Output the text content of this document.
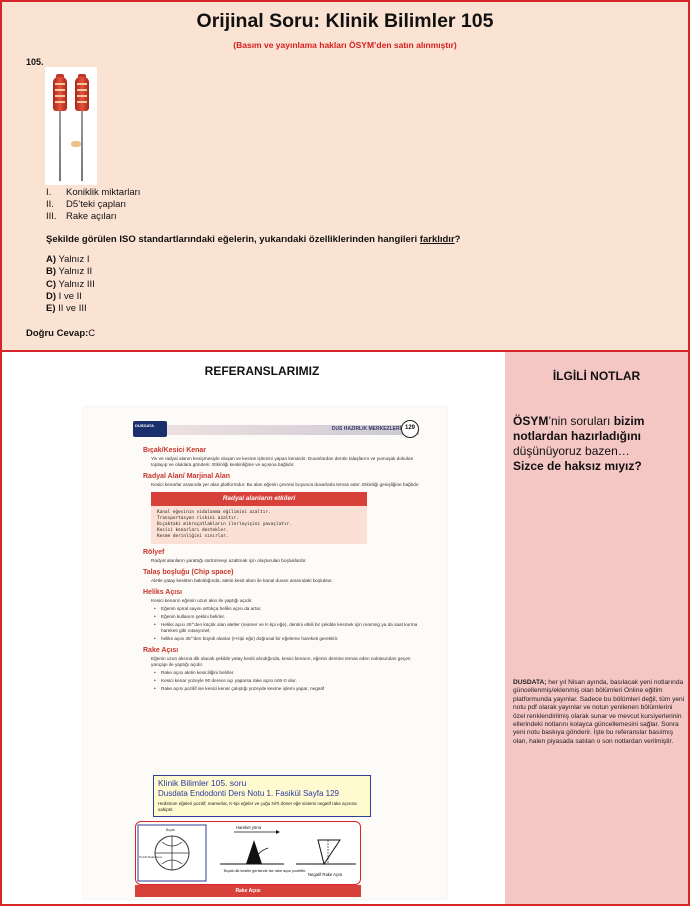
Orijinal Soru: Klinik Bilimler 105
(Basım ve yayınlama hakları ÖSYM’den satın alınmıştır)
105.
I.	Koniklik miktarları
II.	D5’teki çapları
III. Rake açıları
Şekilde görülen ISO standartlarındaki eğelerin, yukarıdaki özelliklerinden hangileri farklıdır?
A) Yalnız I
B) Yalnız II
C) Yalnız III
D) I ve II
E) II ve III
Doğru Cevap:C
REFERANSLARIMIZ
DUS HAZIRLIK MERKEZLERİ
DUSDATA	129
Bıçak/Kesici Kenar
Yiv ve radyal alanın kesişmesiyle oluşan ve kesme işlemini yapan kenardır. Duvarlardan dentin talaşlarını ve yumuşak dokuları toplayıp ve oluklara gönderir. Etkinliği keskinliğine ve açısına bağlıdır.
Radyal Alan/ Marjinal Alan
Kesici kenarlar arasında yer alan platformdur. Bu alan eğenin çevresi boyunca duvarlarla temas eder. Etkinliği genişliğine bağlıdır.
Radyal alanların etkileri
Kanal eğesinin vidalanma eğilimini azaltır.
Transportasyon riskini azaltır.
Bıçaktaki mikroçatlakların ilerleyişini yavaşlatır.
Kesici kenarları destekler.
Kesme derinliğini sınırlar.
Rölyef
Radyal alanların yarattığı sürtünmeyi azaltmak için oluşturulan boşluklardır.
Talaş boşluğu (Chip space)
Aletle yatay kesitten bakıldığında, aletin kesit alanı ile kanal duvarı arasındaki boşluktur.
Heliks Açısı
Kesici kenarın eğenin uzun aksı ile yaptığı açıdır.
• Eğenin spiral sayısı arttıkça heliks açısı da artar.
• Eğenin kullanım şeklini belirler.
• Heliks açısı 45°'den küçük olan aletler (reamer ve K-tipi eğe), dentini etkili bir şekilde kesmek için reaming ya da saat kurma hareketi gibi rotasyonel;
• heliks açısı 45°'den büyük olanlar (H-tipi eğe) doğrusal bir eğeleme hareketi gerektirir.
Rake Açısı
Eğenin uzun aksına dik olacak şekilde yatay kesiti alındığında, kesici kenarın, eğenin dentine temas eden noktasından geçen yarıçapı ile yaptığı açıdır.
• Rake açısı aletin kesiciliğini belirler.
• Kesici kenar yüzeyle 90 derece açı yaparsa rake açısı nötr-0 olur.
• Rake açısı pozitif ise kesici kenar çalıştığı yüzeyde kesme işlemi yapar, negatif
Klinik Bilimler 105. soru
Dusdata Endodonti Ders Notu 1. Fasikül Sayfa 129
Hedstrom eğeleri pozitif; reamerlar, K-tipi eğeler ve çoğu NiTi döner eğe sistemi negatif rake açısına sahiptir.
Bıçak
Pozitif Rake Açısı
Hareket yönü
Bıçak dik kesitin gerisinde ise rake açısı pozitiftir.
Negatif Rake Açısı
Rake Açısı
İLGİLİ NOTLAR
ÖSYM’nin soruları bizim notlardan hazırladığını düşünüyoruz bazen…
Sizce de haksız mıyız?
DUSDATA; her yıl Nisan ayında, basılacak yeni notlarında güncellenmiş/eklenmiş olan bölümleri Online eğitim platformunda yayınlar. Sadece bu bölümleri değil, tüm yeni notu pdf olarak yayınlar ve notun yenilenen bölümlerini özel renklendirilmiş olarak sunar ve mevcut kursiyerlerinin ellerindeki notlarını kolayca güncellemesini sağlar. Sonra yeni notu baskıya gönderir. İşte bu referanslar basılmış olan, halen piyasada satılan o son notlardan verilmiştir.
